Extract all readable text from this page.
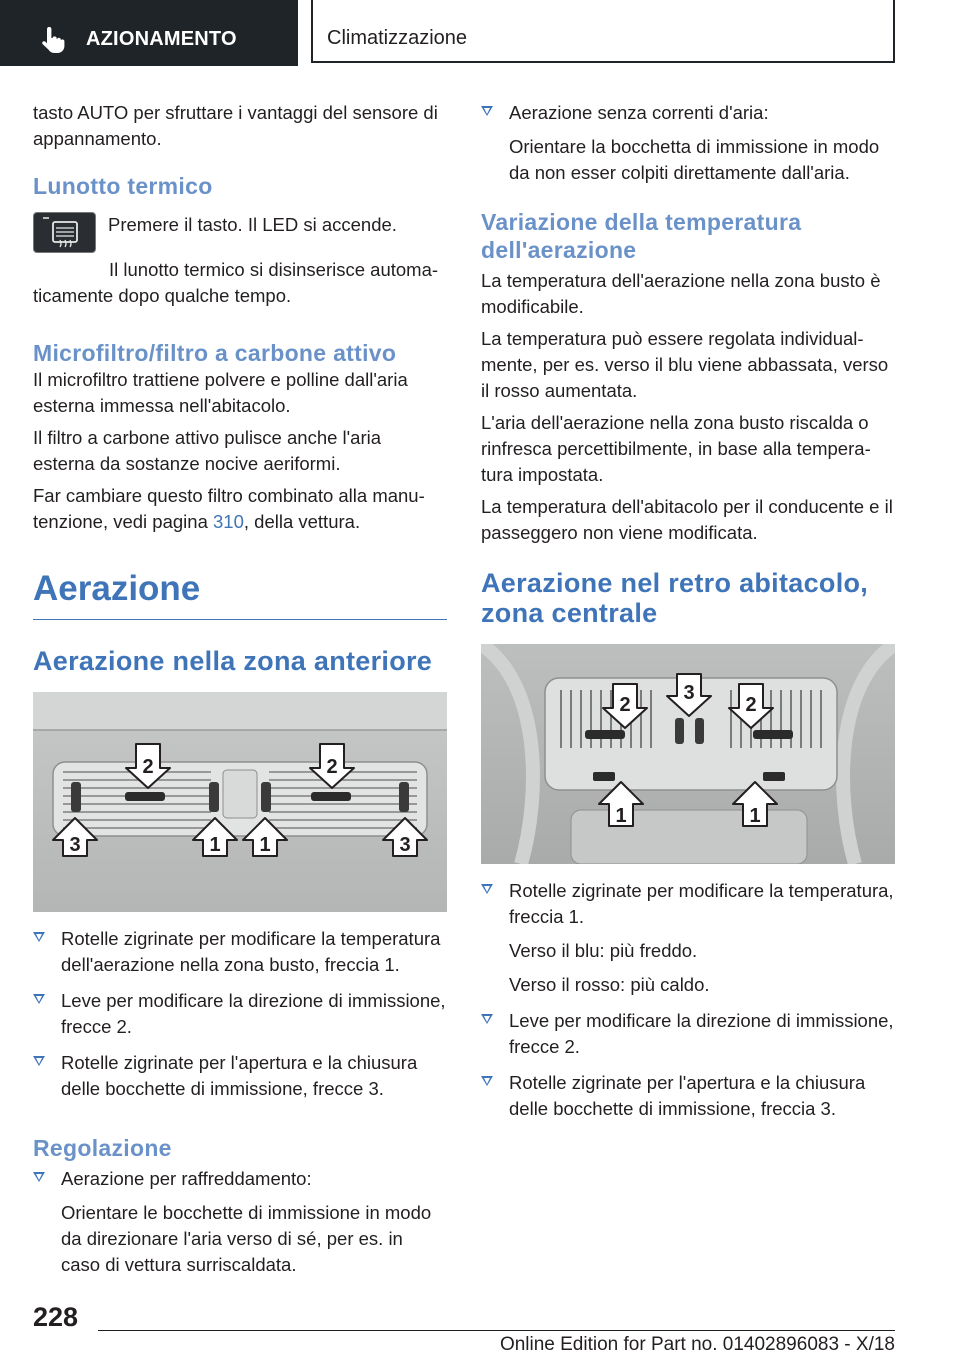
AZIONAMENTO	Climatizzazione

tasto AUTO per sfruttare i vantaggi del sensore di appannamento.

Lunotto termico

Premere il tasto. Il LED si accende.

Il lunotto termico si disinserisce automaticamente dopo qualche tempo.

Microfiltro/filtro a carbone attivo

Il microfiltro trattiene polvere e polline dall'aria esterna immessa nell'abitacolo.

Il filtro a carbone attivo pulisce anche l'aria esterna da sostanze nocive aeriformi.

Far cambiare questo filtro combinato alla manutenzione, vedi pagina 310, della vettura.

Aerazione
Aerazione nella zona anteriore
2	2
3	1 1	3
Rotelle zigrinate per modificare la temperatura dell'aerazione nella zona busto, freccia 1.
Leve per modificare la direzione di immissione, frecce 2.
Rotelle zigrinate per l'apertura e la chiusura delle bocchette di immissione, frecce 3.
Regolazione
Aerazione per raffreddamento:
Orientare le bocchette di immissione in modo da direzionare l'aria verso di sé, per es. in caso di vettura surriscaldata.
Aerazione senza correnti d'aria:
Orientare la bocchetta di immissione in modo da non esser colpiti direttamente dall'aria.
Variazione della temperatura dell'aerazione

La temperatura dell'aerazione nella zona busto è modificabile.

La temperatura può essere regolata individualmente, per es. verso il blu viene abbassata, verso il rosso aumentata.

L'aria dell'aerazione nella zona busto riscalda o rinfresca percettibilmente, in base alla temperatura impostata.

La temperatura dell'abitacolo per il conducente e il passeggero non viene modificata.

Aerazione nel retro abitacolo, zona centrale
2
3
2
1	1
Rotelle zigrinate per modificare la temperatura, freccia 1.
Verso il blu: più freddo.
Verso il rosso: più caldo.
Leve per modificare la direzione di immissione, frecce 2.
Rotelle zigrinate per l'apertura e la chiusura delle bocchette di immissione, freccia 3.
228
Online Edition for Part no. 01402896083 - X/18
